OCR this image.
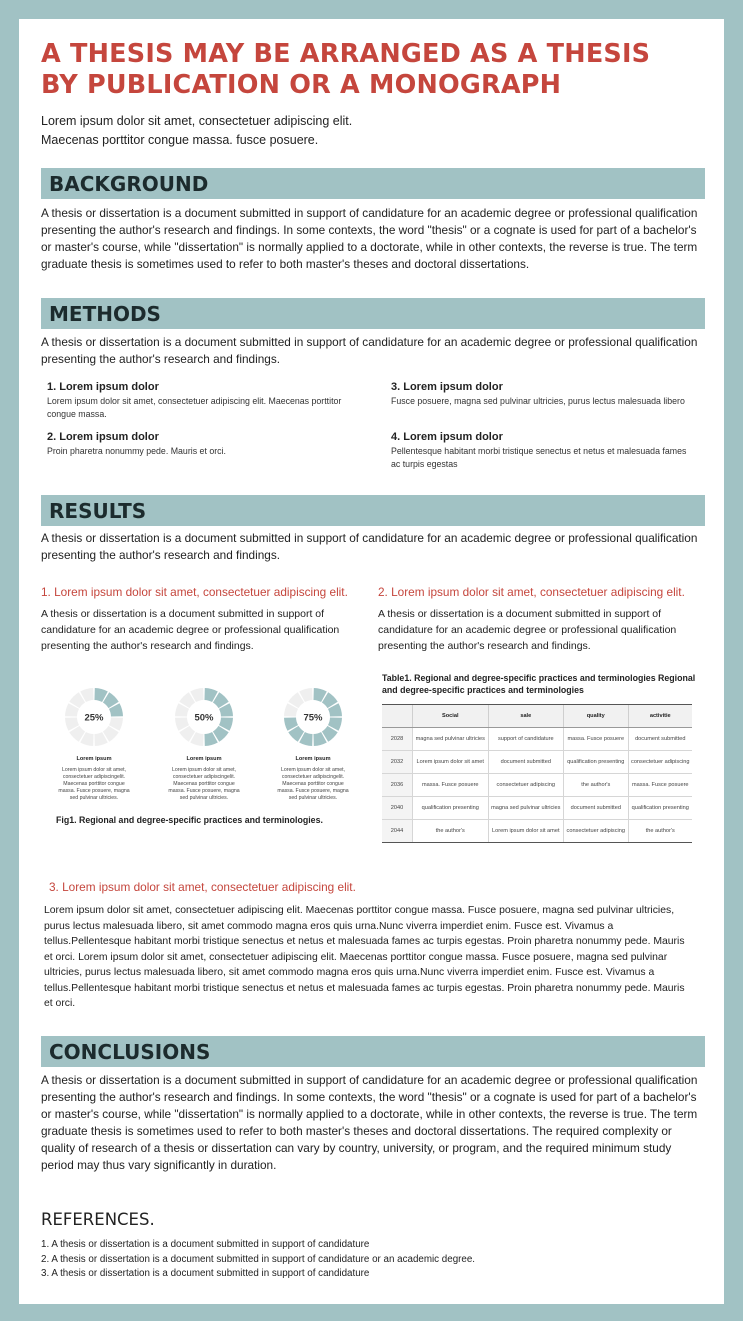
A THESIS MAY BE ARRANGED AS A THESIS BY PUBLICATION OR A MONOGRAPH
Lorem ipsum dolor sit amet, consectetuer adipiscing elit.
Maecenas porttitor congue massa. fusce posuere.
BACKGROUND
A thesis or dissertation is a document submitted in support of candidature for an academic degree or professional qualification presenting the author's research and findings. In some contexts, the word "thesis" or a cognate is used for part of a bachelor's or master's course, while "dissertation" is normally applied to a doctorate, while in other contexts, the reverse is true. The term graduate thesis is sometimes used to refer to both master's theses and doctoral dissertations.
METHODS
A thesis or dissertation is a document submitted in support of candidature for an academic degree or professional qualification presenting the author's research and findings.
1. Lorem ipsum dolor
Lorem ipsum dolor sit amet, consectetuer adipiscing elit. Maecenas porttitor congue massa.
2. Lorem ipsum dolor
Proin pharetra nonummy pede. Mauris et orci.
3. Lorem ipsum dolor
Fusce posuere, magna sed pulvinar ultricies, purus lectus malesuada libero
4. Lorem ipsum dolor
Pellentesque habitant morbi tristique senectus et netus et malesuada fames ac turpis egestas
RESULTS
A thesis or dissertation is a document submitted in support of candidature for an academic degree or professional qualification presenting the author's research and findings.
1. Lorem ipsum dolor sit amet, consectetuer adipiscing elit.
A thesis or dissertation is a document submitted in support of candidature for an academic degree or professional qualification presenting the author's research and findings.
2. Lorem ipsum dolor sit amet, consectetuer adipiscing elit.
A thesis or dissertation is a document submitted in support of candidature for an academic degree or professional qualification presenting the author's research and findings.
25%
Lorem ipsum
Lorem ipsum dolor sit amet, consectetuer adipiscingelit. Maecenas porttitor congue massa. Fusce posuere, magna sed pulvinar ultricies.
50%
Lorem ipsum
Lorem ipsum dolor sit amet, consectetuer adipiscingelit. Maecenas porttitor congue massa. Fusce posuere, magna sed pulvinar ultricies.
75%
Lorem ipsum
Lorem ipsum dolor sit amet, consectetuer adipiscingelit. Maecenas porttitor congue massa. Fusce posuere, magna sed pulvinar ultricies.
Fig1. Regional and degree-specific practices and terminologies.
Table1. Regional and degree-specific practices and terminologies Regional and degree-specific practices and terminologies
	Social	sale	quality	activitie
2028	magna sed pulvinar ultricies	support of candidature	massa. Fusce posuere	document submitted
2032	Lorem ipsum dolor sit amet	document submitted	qualification presenting	consectetuer adipiscing
2036	massa. Fusce posuere	consectetuer adipiscing	the author's	massa. Fusce posuere
2040	qualification presenting	magna sed pulvinar ultricies	document submitted	qualification presenting
2044	the author's	Lorem ipsum dolor sit amet	consectetuer adipiscing	the author's
3. Lorem ipsum dolor sit amet, consectetuer adipiscing elit.
Lorem ipsum dolor sit amet, consectetuer adipiscing elit. Maecenas porttitor congue massa. Fusce posuere, magna sed pulvinar ultricies, purus lectus malesuada libero, sit amet commodo magna eros quis urna.Nunc viverra imperdiet enim. Fusce est. Vivamus a tellus.Pellentesque habitant morbi tristique senectus et netus et malesuada fames ac turpis egestas. Proin pharetra nonummy pede. Mauris et orci. Lorem ipsum dolor sit amet, consectetuer adipiscing elit. Maecenas porttitor congue massa. Fusce posuere, magna sed pulvinar ultricies, purus lectus malesuada libero, sit amet commodo magna eros quis urna.Nunc viverra imperdiet enim. Fusce est. Vivamus a tellus.Pellentesque habitant morbi tristique senectus et netus et malesuada fames ac turpis egestas. Proin pharetra nonummy pede. Mauris et orci.
CONCLUSIONS
A thesis or dissertation is a document submitted in support of candidature for an academic degree or professional qualification presenting the author's research and findings. In some contexts, the word "thesis" or a cognate is used for part of a bachelor's or master's course, while "dissertation" is normally applied to a doctorate, while in other contexts, the reverse is true. The term graduate thesis is sometimes used to refer to both master's theses and doctoral dissertations. The required complexity or quality of research of a thesis or dissertation can vary by country, university, or program, and the required minimum study period may thus vary significantly in duration.
REFERENCES.
1. A thesis or dissertation is a document submitted in support of candidature
2. A thesis or dissertation is a document submitted in support of candidature or an academic degree.
3. A thesis or dissertation is a document submitted in support of candidature
